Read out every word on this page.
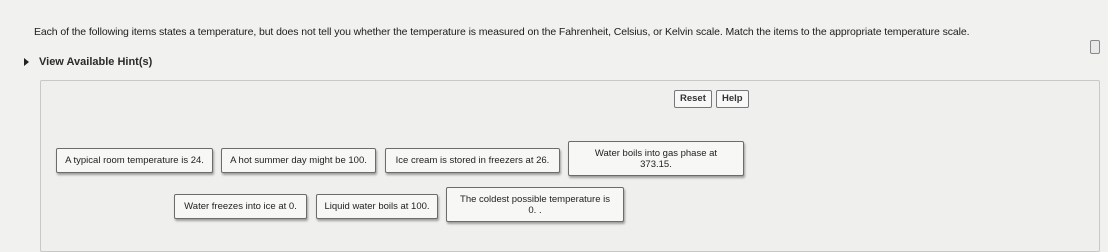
Each of the following items states a temperature, but does not tell you whether the temperature is measured on the Fahrenheit, Celsius, or Kelvin scale. Match the items to the appropriate temperature scale.
View Available Hint(s)
Reset	Help
A typical room temperature is 24.	A hot summer day might be 100.	Ice cream is stored in freezers at 26.
Water boils into gas phase at
373.15.
Water freezes into ice at 0.	Liquid water boils at 100.
The coldest possible temperature is
0. .
